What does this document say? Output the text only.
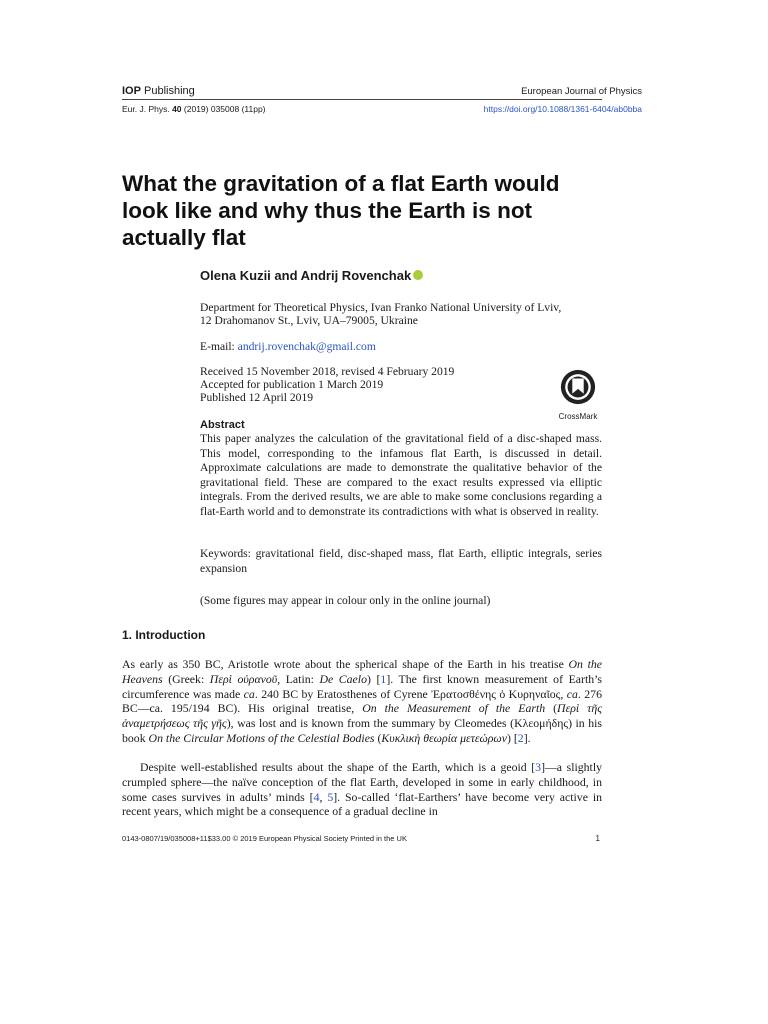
IOP Publishing	European Journal of Physics
Eur. J. Phys. 40 (2019) 035008 (11pp)	https://doi.org/10.1088/1361-6404/ab0bba
What the gravitation of a flat Earth would look like and why thus the Earth is not actually flat
Olena Kuzii and Andrij Rovenchak
Department for Theoretical Physics, Ivan Franko National University of Lviv,
12 Drahomanov St., Lviv, UA–79005, Ukraine
E-mail: andrij.rovenchak@gmail.com
Received 15 November 2018, revised 4 February 2019
Accepted for publication 1 March 2019
Published 12 April 2019
CrossMark
Abstract
This paper analyzes the calculation of the gravitational field of a disc-shaped mass. This model, corresponding to the infamous flat Earth, is discussed in detail. Approximate calculations are made to demonstrate the qualitative behavior of the gravitational field. These are compared to the exact results expressed via elliptic integrals. From the derived results, we are able to make some conclusions regarding a flat-Earth world and to demonstrate its contradictions with what is observed in reality.
Keywords: gravitational field, disc-shaped mass, flat Earth, elliptic integrals, series expansion
(Some figures may appear in colour only in the online journal)
1. Introduction
As early as 350 BC, Aristotle wrote about the spherical shape of the Earth in his treatise On the Heavens (Greek: Περὶ οὐρανοῦ, Latin: De Caelo) [1]. The first known measurement of Earth’s circumference was made ca. 240 BC by Eratosthenes of Cyrene Ἐρατοσθένης ὁ Κυρηναῖος, ca. 276 BC—ca. 195/194 BC). His original treatise, On the Measurement of the Earth (Περὶ τῆς ἀναμετρήσεως τῆς γῆς), was lost and is known from the summary by Cleomedes (Κλεομήδης) in his book On the Circular Motions of the Celestial Bodies (Κυκλικὴ θεωρία μετεώρων) [2].
Despite well-established results about the shape of the Earth, which is a geoid [3]—a slightly crumpled sphere—the naïve conception of the flat Earth, developed in some in early childhood, in some cases survives in adults’ minds [4, 5]. So-called ‘flat-Earthers’ have become very active in recent years, which might be a consequence of a gradual decline in
0143-0807/19/035008+11$33.00 © 2019 European Physical Society Printed in the UK	1
